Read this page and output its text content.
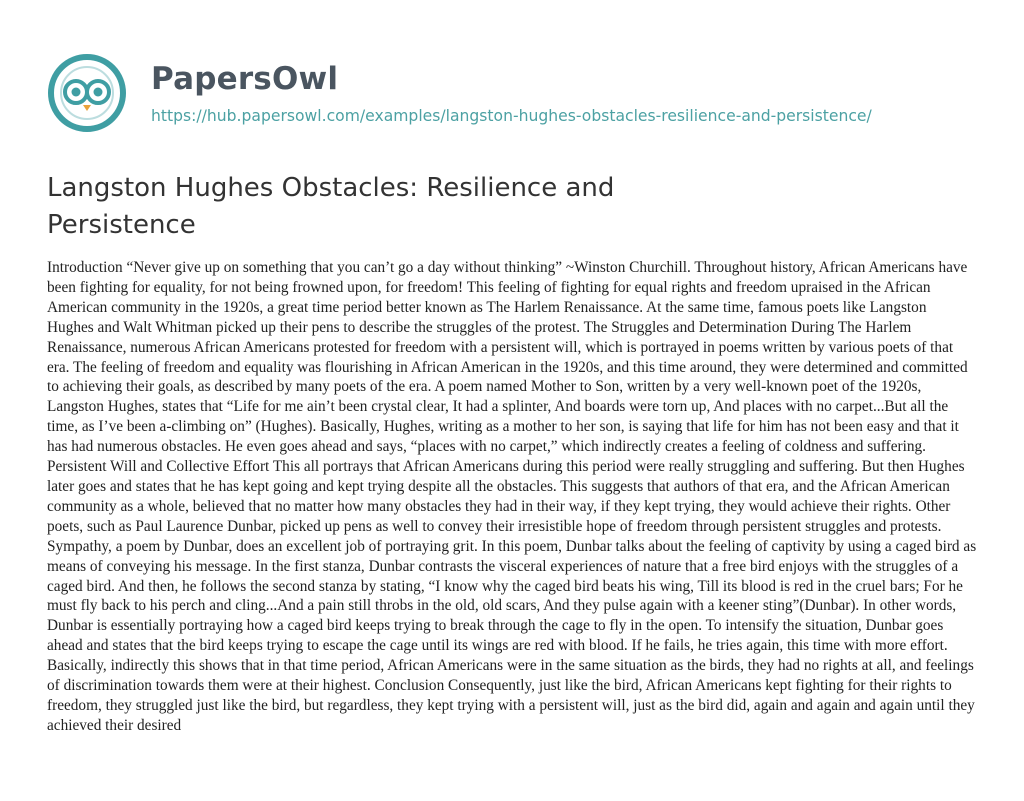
PapersOwl
https://hub.papersowl.com/examples/langston-hughes-obstacles-resilience-and-persistence/
Langston Hughes Obstacles: Resilience and Persistence

Introduction “Never give up on something that you can’t go a day without thinking” ~Winston Churchill. Throughout history, African Americans have been fighting for equality, for not being frowned upon, for freedom! This feeling of fighting for equal rights and freedom upraised in the African American community in the 1920s, a great time period better known as The Harlem Renaissance. At the same time, famous poets like Langston Hughes and Walt Whitman picked up their pens to describe the struggles of the protest. The Struggles and Determination During The Harlem Renaissance, numerous African Americans protested for freedom with a persistent will, which is portrayed in poems written by various poets of that era. The feeling of freedom and equality was flourishing in African American in the 1920s, and this time around, they were determined and committed to achieving their goals, as described by many poets of the era. A poem named Mother to Son, written by a very well-known poet of the 1920s, Langston Hughes, states that “Life for me ain’t been crystal clear, It had a splinter, And boards were torn up, And places with no carpet...But all the time, as I’ve been a-climbing on” (Hughes). Basically, Hughes, writing as a mother to her son, is saying that life for him has not been easy and that it has had numerous obstacles. He even goes ahead and says, “places with no carpet,” which indirectly creates a feeling of coldness and suffering. Persistent Will and Collective Effort This all portrays that African Americans during this period were really struggling and suffering. But then Hughes later goes and states that he has kept going and kept trying despite all the obstacles. This suggests that authors of that era, and the African American community as a whole, believed that no matter how many obstacles they had in their way, if they kept trying, they would achieve their rights. Other poets, such as Paul Laurence Dunbar, picked up pens as well to convey their irresistible hope of freedom through persistent struggles and protests. Sympathy, a poem by Dunbar, does an excellent job of portraying grit. In this poem, Dunbar talks about the feeling of captivity by using a caged bird as means of conveying his message. In the first stanza, Dunbar contrasts the visceral experiences of nature that a free bird enjoys with the struggles of a caged bird. And then, he follows the second stanza by stating, “I know why the caged bird beats his wing, Till its blood is red in the cruel bars; For he must fly back to his perch and cling...And a pain still throbs in the old, old scars, And they pulse again with a keener sting”(Dunbar). In other words, Dunbar is essentially portraying how a caged bird keeps trying to break through the cage to fly in the open. To intensify the situation, Dunbar goes ahead and states that the bird keeps trying to escape the cage until its wings are red with blood. If he fails, he tries again, this time with more effort. Basically, indirectly this shows that in that time period, African Americans were in the same situation as the birds, they had no rights at all, and feelings of discrimination towards them were at their highest. Conclusion Consequently, just like the bird, African Americans kept fighting for their rights to freedom, they struggled just like the bird, but regardless, they kept trying with a persistent will, just as the bird did, again and again and again until they achieved their desired
